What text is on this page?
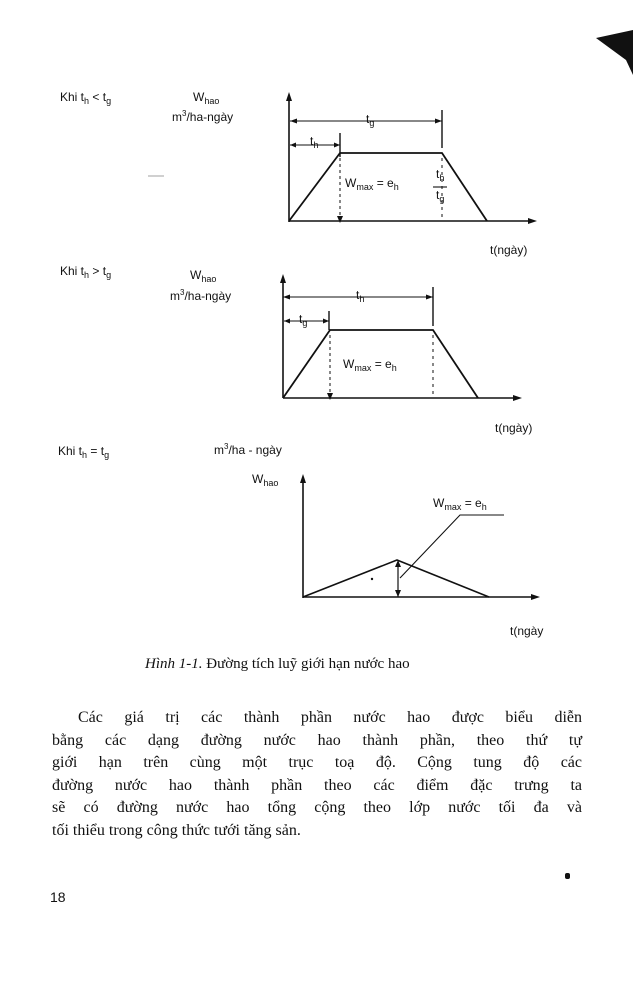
Khi $t_h < t_g$	$W_{hao}$
$m^3/ha$-ngày	$t_g$
$t_h$
$W_{max} = e_h$
$t_h$
$t_g$
t(ngày)
Khi $t_h > t_g$	$W_{hao}$
$m^3/ha$-ngày	$t_h$
$t_g$
$W_{max} = e_h$
t(ngày)
Khi $t_h = t_g$	$m^3/ha$ - ngày
$W_{hao}$
$W_{max} = e_h$
t(ngày
Hình 1-1. Đường tích luỹ giới hạn nước hao
Các giá trị các thành phần nước hao được biểu diễn
bằng các dạng đường nước hao thành phần, theo thứ tự
giới hạn trên cùng một trục toạ độ. Cộng tung độ các
đường nước hao thành phần theo các điểm đặc trưng ta
sẽ có đường nước hao tổng cộng theo lớp nước tối đa và
tối thiểu trong công thức tưới tăng sản.
18
